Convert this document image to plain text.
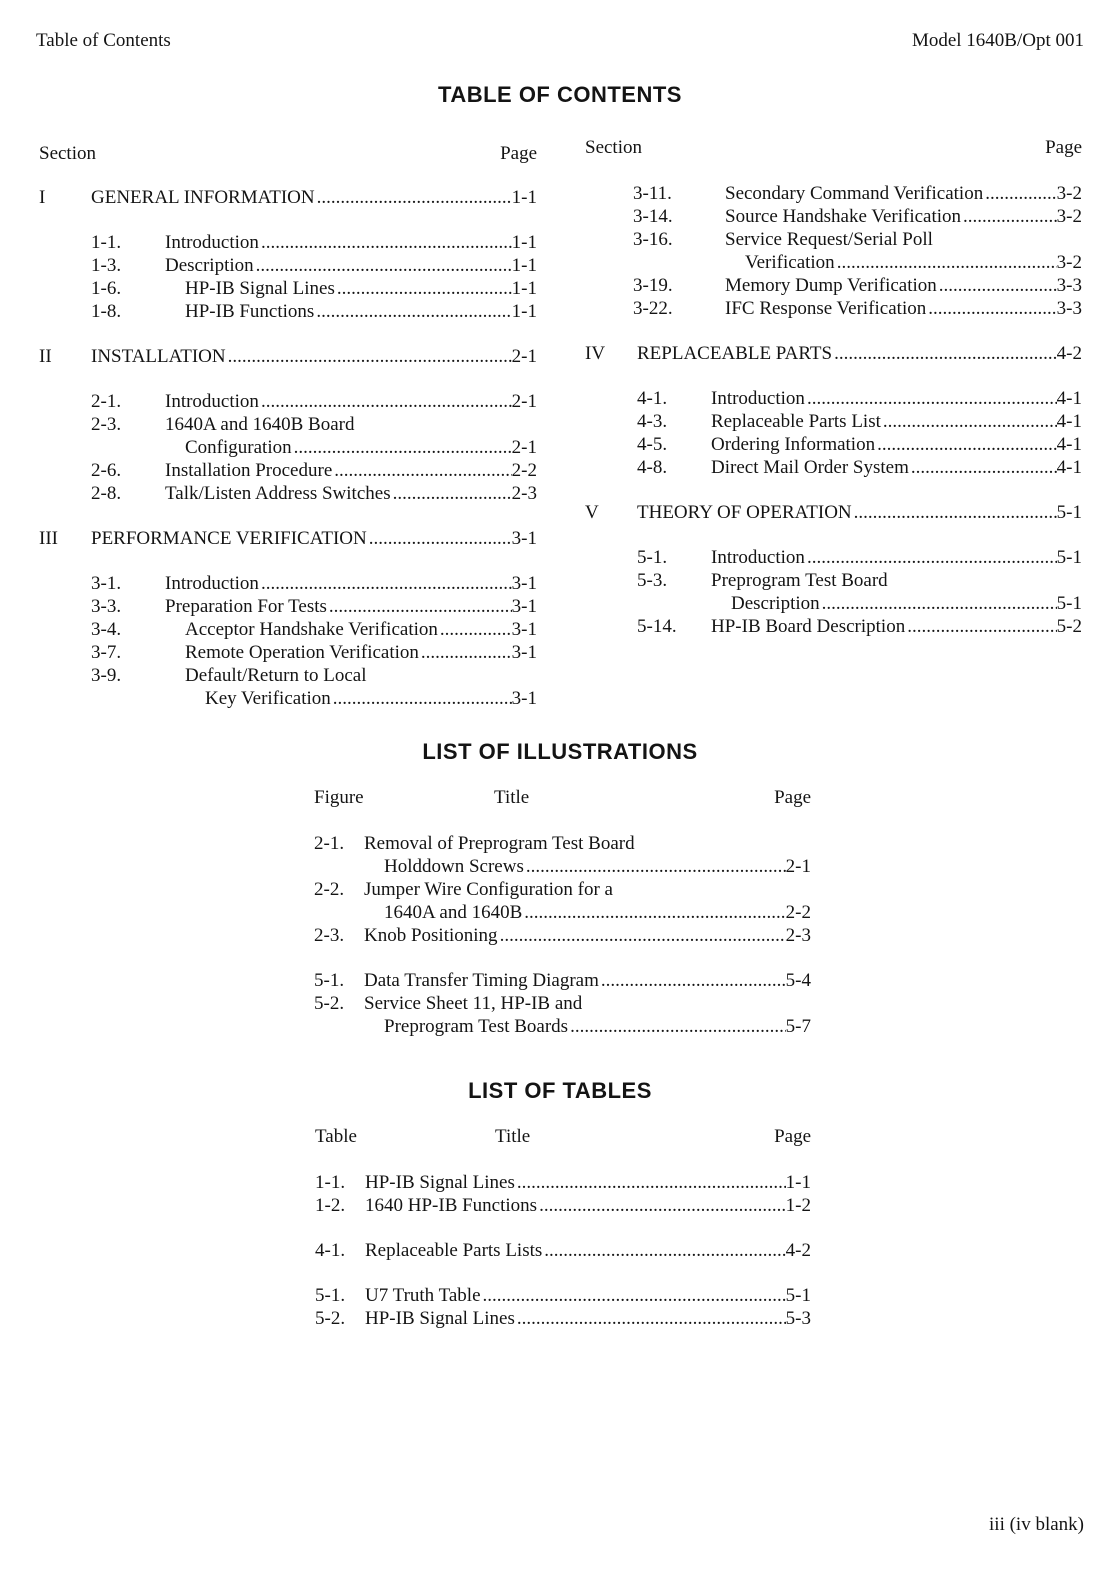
Table of Contents	Model 1640B/Opt 001
TABLE OF CONTENTS
Section	Page
I	GENERAL INFORMATION .....	1-1
1-1.	Introduction .....	1-1
1-3.	Description .....	1-1
1-6.	HP-IB Signal Lines .....	1-1
1-8.	HP-IB Functions .....	1-1
II	INSTALLATION .....	2-1
2-1.	Introduction .....	2-1
2-3.	1640A and 1640B Board
Configuration .....	2-1
2-6.	Installation Procedure .....	2-2
2-8.	Talk/Listen Address Switches .....	2-3
III	PERFORMANCE VERIFICATION .....	3-1
3-1.	Introduction .....	3-1
3-3.	Preparation For Tests .....	3-1
3-4.	Acceptor Handshake Verification .....	3-1
3-7.	Remote Operation Verification .....	3-1
3-9.	Default/Return to Local
Key Verification .....	3-1
Section	Page
3-11.	Secondary Command Verification .....	3-2
3-14.	Source Handshake Verification .....	3-2
3-16.	Service Request/Serial Poll
Verification .....	3-2
3-19.	Memory Dump Verification .....	3-3
3-22.	IFC Response Verification .....	3-3
IV	REPLACEABLE PARTS .....	4-2
4-1.	Introduction .....	4-1
4-3.	Replaceable Parts List .....	4-1
4-5.	Ordering Information .....	4-1
4-8.	Direct Mail Order System .....	4-1
V	THEORY OF OPERATION .....	5-1
5-1.	Introduction .....	5-1
5-3.	Preprogram Test Board
Description .....	5-1
5-14.	HP-IB Board Description .....	5-2
LIST OF ILLUSTRATIONS
Figure	Title	Page
2-1.	Removal of Preprogram Test Board
Holddown Screws .....	2-1
2-2.	Jumper Wire Configuration for a
1640A and 1640B .....	2-2
2-3.	Knob Positioning .....	2-3
5-1.	Data Transfer Timing Diagram .....	5-4
5-2.	Service Sheet 11, HP-IB and
Preprogram Test Boards .....	5-7
LIST OF TABLES
Table	Title	Page
1-1.	HP-IB Signal Lines .....	1-1
1-2.	1640 HP-IB Functions .....	1-2
4-1.	Replaceable Parts Lists .....	4-2
5-1.	U7 Truth Table .....	5-1
5-2.	HP-IB Signal Lines .....	5-3
iii (iv blank)
